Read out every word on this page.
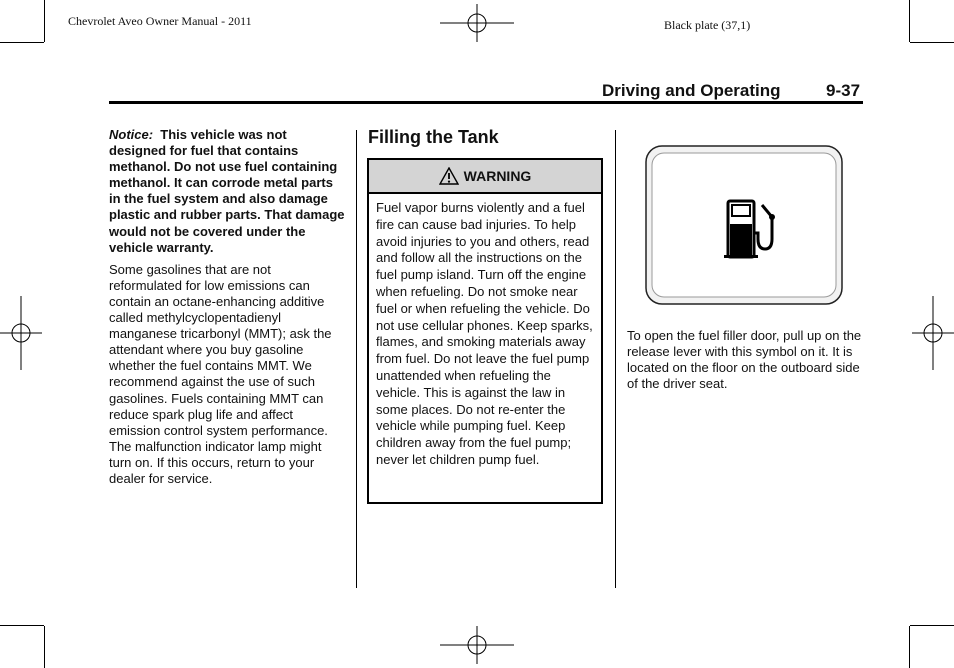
Chevrolet Aveo Owner Manual - 2011	Black plate (37,1)
Driving and Operating	9-37
Notice: This vehicle was not designed for fuel that contains methanol. Do not use fuel containing methanol. It can corrode metal parts in the fuel system and also damage plastic and rubber parts. That damage would not be covered under the vehicle warranty.
Some gasolines that are not reformulated for low emissions can contain an octane-enhancing additive called methylcyclopentadienyl manganese tricarbonyl (MMT); ask the attendant where you buy gasoline whether the fuel contains MMT. We recommend against the use of such gasolines. Fuels containing MMT can reduce spark plug life and affect emission control system performance. The malfunction indicator lamp might turn on. If this occurs, return to your dealer for service.
Filling the Tank
WARNING
Fuel vapor burns violently and a fuel fire can cause bad injuries. To help avoid injuries to you and others, read and follow all the instructions on the fuel pump island. Turn off the engine when refueling. Do not smoke near fuel or when refueling the vehicle. Do not use cellular phones. Keep sparks, flames, and smoking materials away from fuel. Do not leave the fuel pump unattended when refueling the vehicle. This is against the law in some places. Do not re-enter the vehicle while pumping fuel. Keep children away from the fuel pump; never let children pump fuel.
To open the fuel filler door, pull up on the release lever with this symbol on it. It is located on the floor on the outboard side of the driver seat.
